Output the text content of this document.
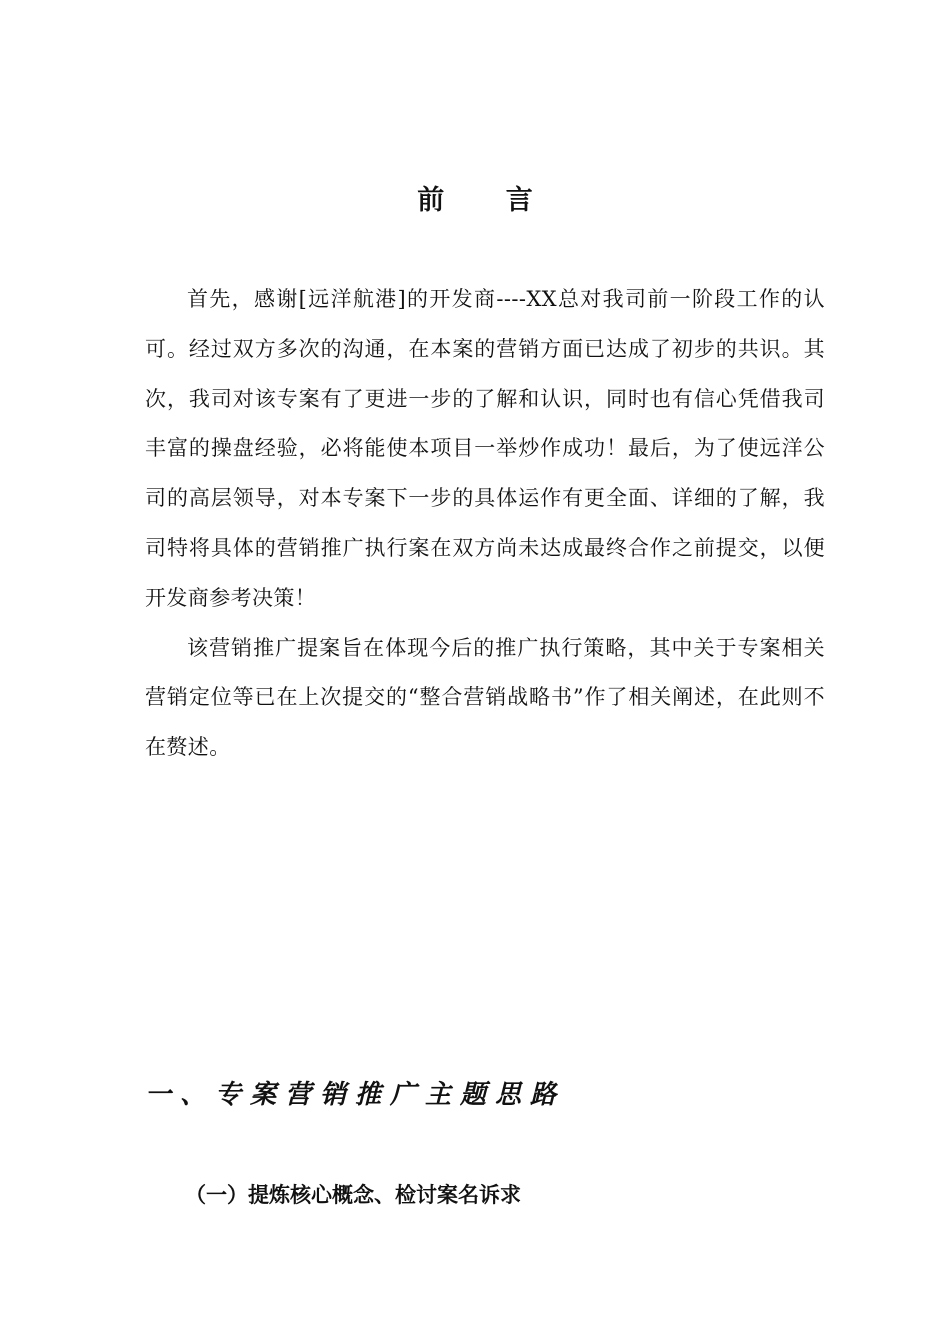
前 言

首先，感谢[远洋航港]的开发商----XX总对我司前一阶段工作的认可。经过双方多次的沟通，在本案的营销方面已达成了初步的共识。其次，我司对该专案有了更进一步的了解和认识，同时也有信心凭借我司丰富的操盘经验，必将能使本项目一举炒作成功！最后，为了使远洋公司的高层领导，对本专案下一步的具体运作有更全面、详细的了解，我司特将具体的营销推广执行案在双方尚未达成最终合作之前提交，以便开发商参考决策！

该营销推广提案旨在体现今后的推广执行策略，其中关于专案相关营销定位等已在上次提交的“整合营销战略书”作了相关阐述，在此则不在赘述。

一、专案营销推广主题思路
（一）提炼核心概念、检讨案名诉求
